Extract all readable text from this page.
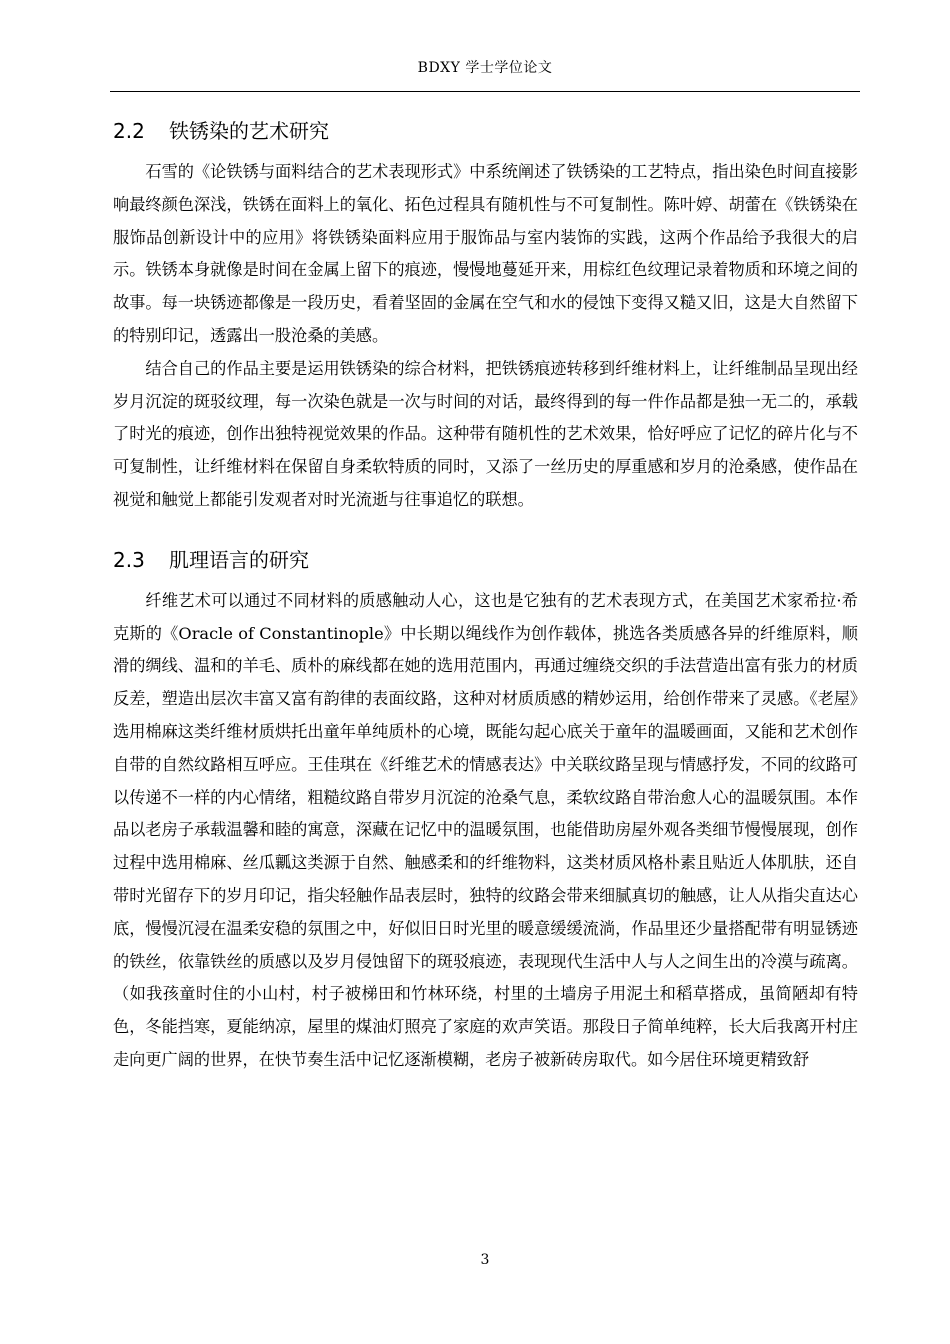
BDXY 学士学位论文
2.2	铁锈染的艺术研究

石雪的《论铁锈与面料结合的艺术表现形式》中系统阐述了铁锈染的工艺特点，指出染色时间直接影响最终颜色深浅，铁锈在面料上的氧化、拓色过程具有随机性与不可复制性。陈叶婷、胡蕾在《铁锈染在服饰品创新设计中的应用》将铁锈染面料应用于服饰品与室内装饰的实践，这两个作品给予我很大的启示。铁锈本身就像是时间在金属上留下的痕迹，慢慢地蔓延开来，用棕红色纹理记录着物质和环境之间的故事。每一块锈迹都像是一段历史，看着坚固的金属在空气和水的侵蚀下变得又糙又旧，这是大自然留下的特别印记，透露出一股沧桑的美感。

结合自己的作品主要是运用铁锈染的综合材料，把铁锈痕迹转移到纤维材料上，让纤维制品呈现出经岁月沉淀的斑驳纹理，每一次染色就是一次与时间的对话，最终得到的每一件作品都是独一无二的，承载了时光的痕迹，创作出独特视觉效果的作品。这种带有随机性的艺术效果，恰好呼应了记忆的碎片化与不可复制性，让纤维材料在保留自身柔软特质的同时，又添了一丝历史的厚重感和岁月的沧桑感，使作品在视觉和触觉上都能引发观者对时光流逝与往事追忆的联想。

2.3	肌理语言的研究

纤维艺术可以通过不同材料的质感触动人心，这也是它独有的艺术表现方式，在美国艺术家希拉·希克斯的《Oracle of Constantinople》中长期以绳线作为创作载体，挑选各类质感各异的纤维原料，顺滑的绸线、温和的羊毛、质朴的麻线都在她的选用范围内，再通过缠绕交织的手法营造出富有张力的材质反差，塑造出层次丰富又富有韵律的表面纹路，这种对材质质感的精妙运用，给创作带来了灵感。《老屋》选用棉麻这类纤维材质烘托出童年单纯质朴的心境，既能勾起心底关于童年的温暖画面，又能和艺术创作自带的自然纹路相互呼应。王佳琪在《纤维艺术的情感表达》中关联纹路呈现与情感抒发，不同的纹路可以传递不一样的内心情绪，粗糙纹路自带岁月沉淀的沧桑气息，柔软纹路自带治愈人心的温暖氛围。本作品以老房子承载温馨和睦的寓意，深藏在记忆中的温暖氛围，也能借助房屋外观各类细节慢慢展现，创作过程中选用棉麻、丝瓜瓤这类源于自然、触感柔和的纤维物料，这类材质风格朴素且贴近人体肌肤，还自带时光留存下的岁月印记，指尖轻触作品表层时，独特的纹路会带来细腻真切的触感，让人从指尖直达心底，慢慢沉浸在温柔安稳的氛围之中，好似旧日时光里的暖意缓缓流淌，作品里还少量搭配带有明显锈迹的铁丝，依靠铁丝的质感以及岁月侵蚀留下的斑驳痕迹，表现现代生活中人与人之间生出的冷漠与疏离。（如我孩童时住的小山村，村子被梯田和竹林环绕，村里的土墙房子用泥土和稻草搭成，虽简陋却有特色，冬能挡寒，夏能纳凉，屋里的煤油灯照亮了家庭的欢声笑语。那段日子简单纯粹，长大后我离开村庄走向更广阔的世界，在快节奏生活中记忆逐渐模糊，老房子被新砖房取代。如今居住环境更精致舒

3
